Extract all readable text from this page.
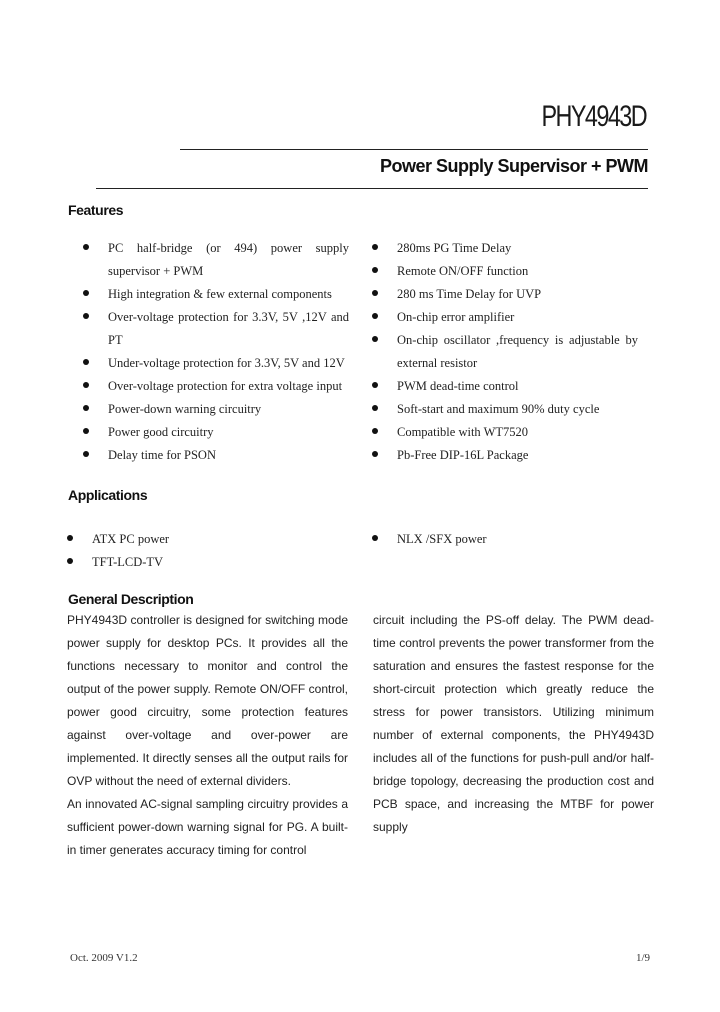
PHY4943D
Power Supply Supervisor + PWM
Features
PC half-bridge (or 494) power supply supervisor + PWM
High integration & few external components
Over-voltage protection for 3.3V, 5V ,12V and PT
Under-voltage protection for 3.3V, 5V and 12V
Over-voltage protection for extra voltage input
Power-down warning circuitry
Power good circuitry
Delay time for PSON
280ms PG Time Delay
Remote ON/OFF function
280 ms Time Delay for UVP
On-chip error amplifier
On-chip oscillator ,frequency is adjustable by external resistor
PWM dead-time control
Soft-start and maximum 90% duty cycle
Compatible with WT7520
Pb-Free DIP-16L Package
Applications
ATX PC power
TFT-LCD-TV
NLX /SFX power
General Description

PHY4943D controller is designed for switching mode power supply for desktop PCs. It provides all the functions necessary to monitor and control the output of the power supply. Remote ON/OFF control, power good circuitry, some protection features against over-voltage and over-power are implemented. It directly senses all the output rails for OVP without the need of external dividers.

An innovated AC-signal sampling circuitry provides a sufficient power-down warning signal for PG. A built-in timer generates accuracy timing for control

circuit including the PS-off delay. The PWM dead-time control prevents the power transformer from the saturation and ensures the fastest response for the short-circuit protection which greatly reduce the stress for power transistors. Utilizing minimum number of external components, the PHY4943D includes all of the functions for push-pull and/or half-bridge topology, decreasing the production cost and PCB space, and increasing the MTBF for power supply

Oct. 2009 V1.2	1/9
